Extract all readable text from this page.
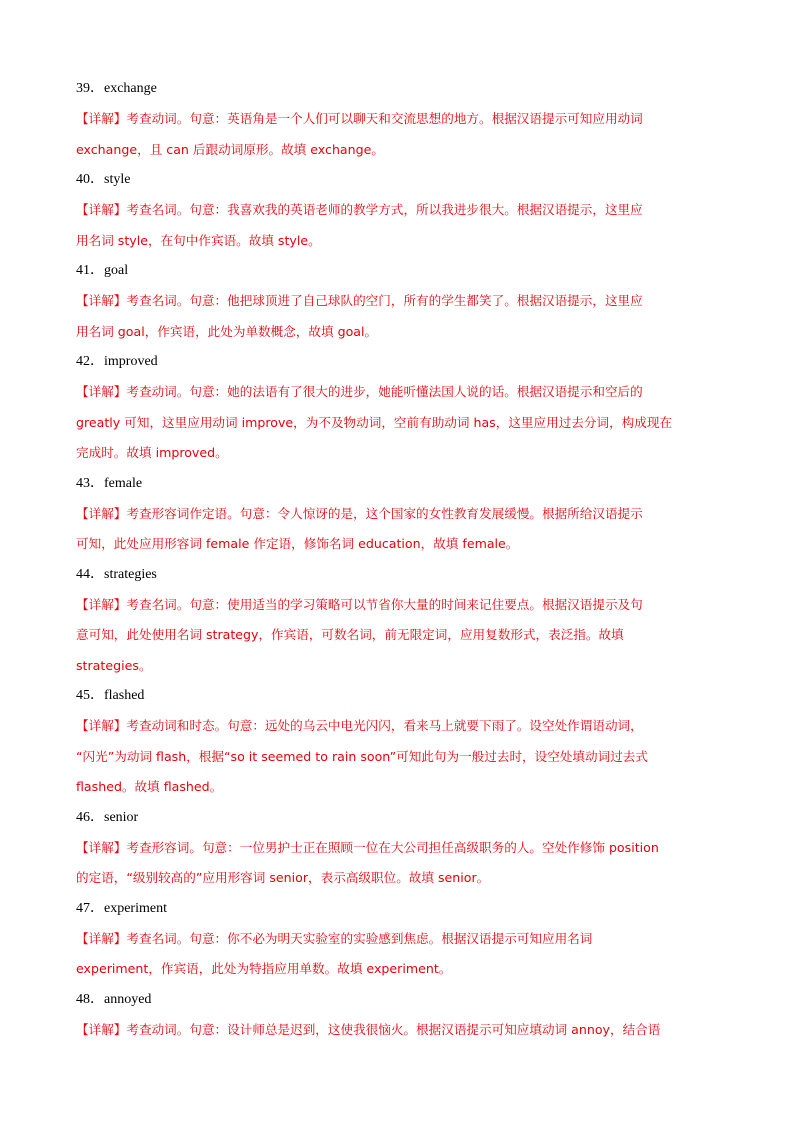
39．exchange
【详解】考查动词。句意：英语角是一个人们可以聊天和交流思想的地方。根据汉语提示可知应用动词
exchange，且 can 后跟动词原形。故填 exchange。
40．style
【详解】考查名词。句意：我喜欢我的英语老师的教学方式，所以我进步很大。根据汉语提示，这里应
用名词 style，在句中作宾语。故填 style。
41．goal
【详解】考查名词。句意：他把球顶进了自己球队的空门，所有的学生都笑了。根据汉语提示，这里应
用名词 goal，作宾语，此处为单数概念，故填 goal。
42．improved
【详解】考查动词。句意：她的法语有了很大的进步，她能听懂法国人说的话。根据汉语提示和空后的
greatly 可知，这里应用动词 improve，为不及物动词，空前有助动词 has，这里应用过去分词，构成现在
完成时。故填 improved。
43．female
【详解】考查形容词作定语。句意：令人惊讶的是，这个国家的女性教育发展缓慢。根据所给汉语提示
可知，此处应用形容词 female 作定语，修饰名词 education，故填 female。
44．strategies
【详解】考查名词。句意：使用适当的学习策略可以节省你大量的时间来记住要点。根据汉语提示及句
意可知，此处使用名词 strategy，作宾语，可数名词，前无限定词，应用复数形式，表泛指。故填
strategies。
45．flashed
【详解】考查动词和时态。句意：远处的乌云中电光闪闪，看来马上就要下雨了。设空处作谓语动词，
“闪光”为动词 flash，根据“so it seemed to rain soon”可知此句为一般过去时，设空处填动词过去式
flashed。故填 flashed。
46．senior
【详解】考查形容词。句意：一位男护士正在照顾一位在大公司担任高级职务的人。空处作修饰 position
的定语，“级别较高的”应用形容词 senior，表示高级职位。故填 senior。
47．experiment
【详解】考查名词。句意：你不必为明天实验室的实验感到焦虑。根据汉语提示可知应用名词
experiment，作宾语，此处为特指应用单数。故填 experiment。
48．annoyed
【详解】考查动词。句意：设计师总是迟到，这使我很恼火。根据汉语提示可知应填动词 annoy，结合语
